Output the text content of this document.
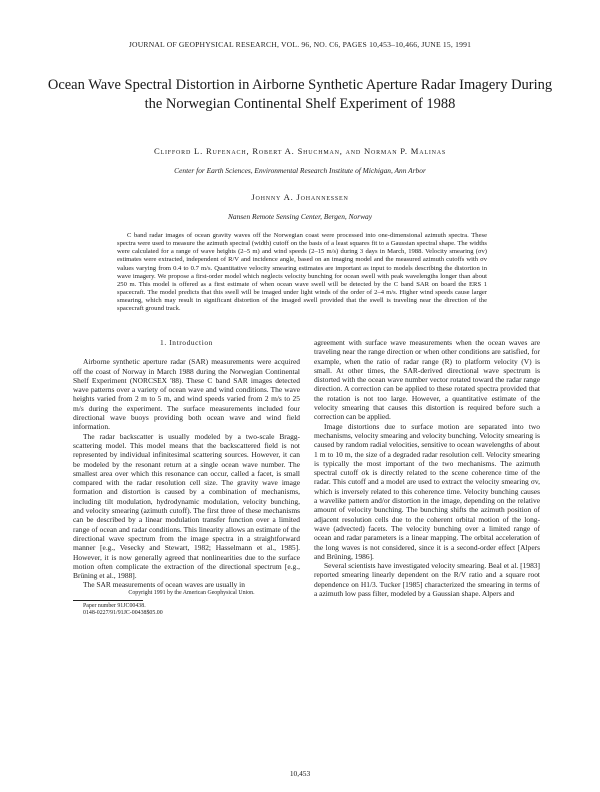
JOURNAL OF GEOPHYSICAL RESEARCH, VOL. 96, NO. C6, PAGES 10,453–10,466, JUNE 15, 1991
Ocean Wave Spectral Distortion in Airborne Synthetic Aperture Radar Imagery During the Norwegian Continental Shelf Experiment of 1988
Clifford L. Rufenach, Robert A. Shuchman, and Norman P. Malinas
Center for Earth Sciences, Environmental Research Institute of Michigan, Ann Arbor
Johnny A. Johannessen
Nansen Remote Sensing Center, Bergen, Norway

C band radar images of ocean gravity waves off the Norwegian coast were processed into one-dimensional azimuth spectra. These spectra were used to measure the azimuth spectral (width) cutoff on the basis of a least squares fit to a Gaussian spectral shape. The widths were calculated for a range of wave heights (2–5 m) and wind speeds (2–15 m/s) during 3 days in March, 1988. Velocity smearing (σv) estimates were extracted, independent of R/V and incidence angle, based on an imaging model and the measured azimuth cutoffs with σv values varying from 0.4 to 0.7 m/s. Quantitative velocity smearing estimates are important as input to models describing the distortion in wave imagery. We propose a first-order model which neglects velocity bunching for ocean swell with peak wavelengths longer than about 250 m. This model is offered as a first estimate of when ocean wave swell will be detected by the C band SAR on board the ERS 1 spacecraft. The model predicts that this swell will be imaged under light winds of the order of 2–4 m/s. Higher wind speeds cause larger smearing, which may result in significant distortion of the imaged swell provided that the swell is traveling near the direction of the spacecraft ground track.

1. Introduction

Airborne synthetic aperture radar (SAR) measurements were acquired off the coast of Norway in March 1988 during the Norwegian Continental Shelf Experiment (NORCSEX '88). These C band SAR images detected wave patterns over a variety of ocean wave and wind conditions. The wave heights varied from 2 m to 5 m, and wind speeds varied from 2 m/s to 25 m/s during the experiment. The surface measurements included four directional wave buoys providing both ocean wave and wind field information.

The radar backscatter is usually modeled by a two-scale Bragg-scattering model. This model means that the backscattered field is not represented by individual infinitesimal scattering sources. However, it can be modeled by the resonant return at a single ocean wave number. The smallest area over which this resonance can occur, called a facet, is small compared with the radar resolution cell size. The gravity wave image formation and distortion is caused by a combination of mechanisms, including tilt modulation, hydrodynamic modulation, velocity bunching, and velocity smearing (azimuth cutoff). The first three of these mechanisms can be described by a linear modulation transfer function over a limited range of ocean and radar conditions. This linearity allows an estimate of the directional wave spectrum from the image spectra in a straightforward manner [e.g., Vesecky and Stewart, 1982; Hasselmann et al., 1985]. However, it is now generally agreed that nonlinearities due to the surface motion often complicate the extraction of the directional spectrum [e.g., Brüning et al., 1988].

The SAR measurements of ocean waves are usually in

Copyright 1991 by the American Geophysical Union.

Paper number 91JC00438.

0148-0227/91/91JC-00438$05.00

agreement with surface wave measurements when the ocean waves are traveling near the range direction or when other conditions are satisfied, for example, when the ratio of radar range (R) to platform velocity (V) is small. At other times, the SAR-derived directional wave spectrum is distorted with the ocean wave number vector rotated toward the radar range direction. A correction can be applied to these rotated spectra provided that the rotation is not too large. However, a quantitative estimate of the velocity smearing that causes this distortion is required before such a correction can be applied.

Image distortions due to surface motion are separated into two mechanisms, velocity smearing and velocity bunching. Velocity smearing is caused by random radial velocities, sensitive to ocean wavelengths of about 1 m to 10 m, the size of a degraded radar resolution cell. Velocity smearing is typically the most important of the two mechanisms. The azimuth spectral cutoff σk is directly related to the scene coherence time of the radar. This cutoff and a model are used to extract the velocity smearing σv, which is inversely related to this coherence time. Velocity bunching causes a wavelike pattern and/or distortion in the image, depending on the relative amount of velocity bunching. The bunching shifts the azimuth position of adjacent resolution cells due to the coherent orbital motion of the long-wave (advected) facets. The velocity bunching over a limited range of ocean and radar parameters is a linear mapping. The orbital acceleration of the long waves is not considered, since it is a second-order effect [Alpers and Brüning, 1986].

Several scientists have investigated velocity smearing. Beal et al. [1983] reported smearing linearly dependent on the R/V ratio and a square root dependence on H1/3. Tucker [1985] characterized the smearing in terms of a azimuth low pass filter, modeled by a Gaussian shape. Alpers and

10,453
